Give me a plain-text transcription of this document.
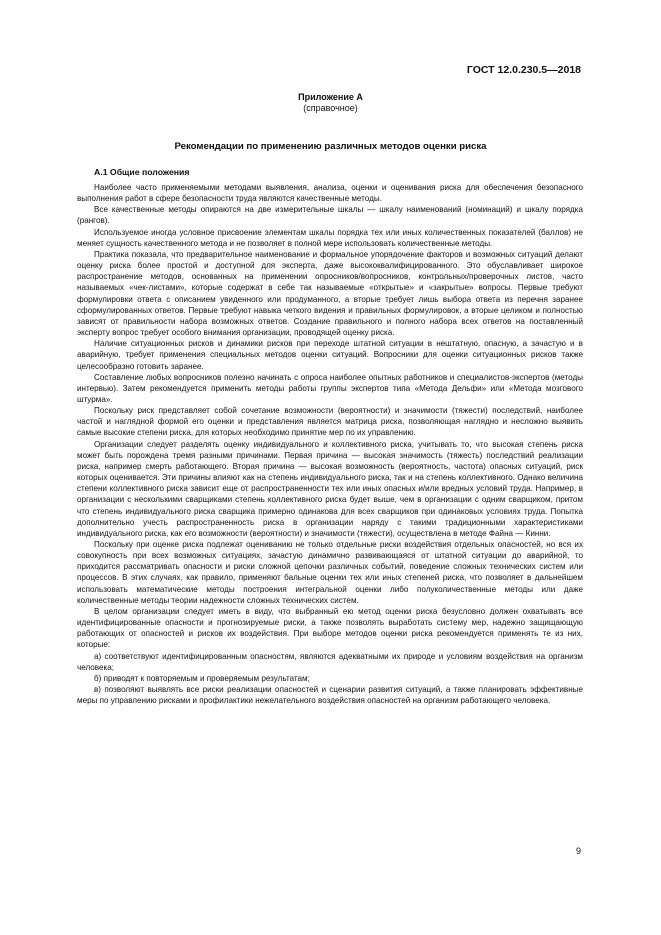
ГОСТ 12.0.230.5—2018
Приложение А
(справочное)
Рекомендации по применению различных методов оценки риска
А.1 Общие положения

Наиболее часто применяемыми методами выявления, анализа, оценки и оценивания риска для обеспечения безопасного выполнения работ в сфере безопасности труда являются качественные методы.

Все качественные методы опираются на две измерительные шкалы — шкалу наименований (номинаций) и шкалу порядка (рангов).

Используемое иногда условное присвоение элементам шкалы порядка тех или иных количественных показателей (баллов) не меняет сущность качественного метода и не позволяет в полной мере использовать количественные методы.

Практика показала, что предварительное наименование и формальное упорядочение факторов и возможных ситуаций делают оценку риска более простой и доступной для эксперта, даже высококвалифицированного. Это обуславливает широкое распространение методов, основанных на применении опросников/вопросников, контрольных/проверочных листов, часто называемых «чек-листами», которые содержат в себе так называемые «открытые» и «закрытые» вопросы. Первые требуют формулировки ответа с описанием увиденного или продуманного, а вторые требует лишь выбора ответа из перечня заранее сформулированных ответов. Первые требуют навыка четкого видения и правильных формулировок, а вторые целиком и полностью зависят от правильности набора возможных ответов. Создание правильного и полного набора всех ответов на поставленный эксперту вопрос требует особого внимания организации, проводящей оценку риска.

Наличие ситуационных рисков и динамики рисков при переходе штатной ситуации в нештатную, опасную, а зачастую и в аварийную, требует применения специальных методов оценки ситуаций. Вопросники для оценки ситуационных рисков также целесообразно готовить заранее.

Составление любых вопросников полезно начинать с опроса наиболее опытных работников и специалистов-экспертов (методы интервью). Затем рекомендуется применить методы работы группы экспертов типа «Метода Дельфи» или «Метода мозгового штурма».

Поскольку риск представляет собой сочетание возможности (вероятности) и значимости (тяжести) последствий, наиболее частой и наглядной формой его оценки и представления является матрица риска, позволяющая наглядно и несложно выявить самые высокие степени риска, для которых необходимо принятие мер по их управлению.

Организации следует разделять оценку индивидуального и коллективного риска, учитывать то, что высокая степень риска может быть порождена тремя разными причинами. Первая причина — высокая значимость (тяжесть) последствий реализации риска, например смерть работающего. Вторая причина — высокая возможность (вероятность, частота) опасных ситуаций, риск которых оценивается. Эти причины влияют как на степень индивидуального риска, так и на степень коллективного. Однако величина степени коллективного риска зависит еще от распространенности тех или иных опасных и/или вредных условий труда. Например, в организации с несколькими сварщиками степень коллективного риска будет выше, чем в организации с одним сварщиком, притом что степень индивидуального риска сварщика примерно одинакова для всех сварщиков при одинаковых условиях труда. Попытка дополнительно учесть распространенность риска в организации наряду с такими традиционными характеристиками индивидуального риска, как его возможности (вероятности) и значимости (тяжести), осуществлена в методе Файна — Кинни.

Поскольку при оценке риска подлежат оцениванию не только отдельные риски воздействия отдельных опасностей, но вся их совокупность при всех возможных ситуациях, зачастую динамично развивающаяся от штатной ситуации до аварийной, то приходится рассматривать опасности и риски сложной цепочки различных событий, поведение сложных технических систем или процессов. В этих случаях, как правило, применяют бальные оценки тех или иных степеней риска, что позволяет в дальнейшем использовать математические методы построения интегральной оценки либо полуколичественные методы или даже количественные методы теории надежности сложных технических систем.

В целом организации следует иметь в виду, что выбранный ею метод оценки риска безусловно должен охватывать все идентифицированные опасности и прогнозируемые риски, а также позволять выработать систему мер, надежно защищающую работающих от опасностей и рисков их воздействия. При выборе методов оценки риска рекомендуется применять те из них, которые:

а) соответствуют идентифицированным опасностям, являются адекватными их природе и условиям воздействия на организм человека;

б) приводят к повторяемым и проверяемым результатам;

в) позволяют выявлять все риски реализации опасностей и сценарии развития ситуаций, а также планировать эффективные меры по управлению рисками и профилактики нежелательного воздействия опасностей на организм работающего человека.

9
